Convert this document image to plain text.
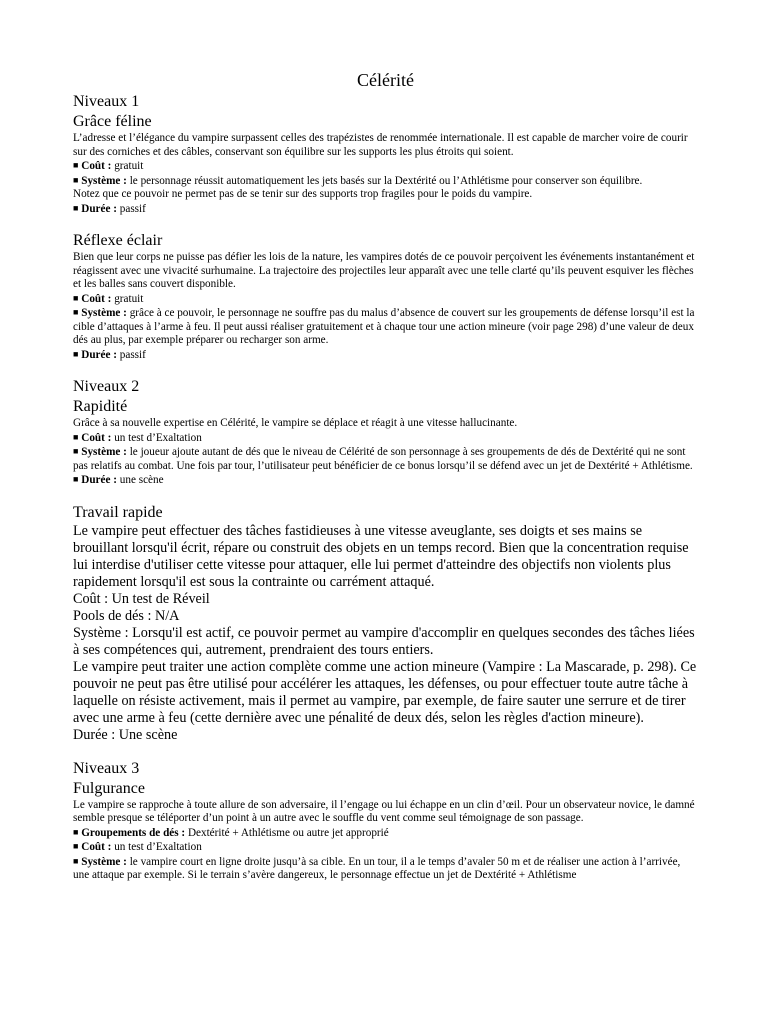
Célérité
Niveaux 1
Grâce féline

L’adresse et l’élégance du vampire surpassent celles des trapézistes de renommée internationale. Il est capable de marcher voire de courir sur des corniches et des câbles, conservant son équilibre sur les supports les plus étroits qui soient.

■ Coût : gratuit

■ Système : le personnage réussit automatiquement les jets basés sur la Dextérité ou l’Athlétisme pour conserver son équilibre.

Notez que ce pouvoir ne permet pas de se tenir sur des supports trop fragiles pour le poids du vampire.

■ Durée : passif

Réflexe éclair

Bien que leur corps ne puisse pas défier les lois de la nature, les vampires dotés de ce pouvoir perçoivent les événements instantanément et réagissent avec une vivacité surhumaine. La trajectoire des projectiles leur apparaît avec une telle clarté qu’ils peuvent esquiver les flèches et les balles sans couvert disponible.

■ Coût : gratuit

■ Système : grâce à ce pouvoir, le personnage ne souffre pas du malus d’absence de couvert sur les groupements de défense lorsqu’il est la cible d’attaques à l’arme à feu. Il peut aussi réaliser gratuitement et à chaque tour une action mineure (voir page 298) d’une valeur de deux dés au plus, par exemple préparer ou recharger son arme.

■ Durée : passif

Niveaux 2
Rapidité

Grâce à sa nouvelle expertise en Célérité, le vampire se déplace et réagit à une vitesse hallucinante.

■ Coût : un test d’Exaltation

■ Système : le joueur ajoute autant de dés que le niveau de Célérité de son personnage à ses groupements de dés de Dextérité qui ne sont pas relatifs au combat. Une fois par tour, l’utilisateur peut bénéficier de ce bonus lorsqu’il se défend avec un jet de Dextérité + Athlétisme.

■ Durée : une scène

Travail rapide

Le vampire peut effectuer des tâches fastidieuses à une vitesse aveuglante, ses doigts et ses mains se brouillant lorsqu'il écrit, répare ou construit des objets en un temps record. Bien que la concentration requise lui interdise d'utiliser cette vitesse pour attaquer, elle lui permet d'atteindre des objectifs non violents plus rapidement lorsqu'il est sous la contrainte ou carrément attaqué.

Coût : Un test de Réveil

Pools de dés : N/A

Système : Lorsqu'il est actif, ce pouvoir permet au vampire d'accomplir en quelques secondes des tâches liées à ses compétences qui, autrement, prendraient des tours entiers.

Le vampire peut traiter une action complète comme une action mineure (Vampire : La Mascarade, p. 298). Ce pouvoir ne peut pas être utilisé pour accélérer les attaques, les défenses, ou pour effectuer toute autre tâche à laquelle on résiste activement, mais il permet au vampire, par exemple, de faire sauter une serrure et de tirer avec une arme à feu (cette dernière avec une pénalité de deux dés, selon les règles d'action mineure).

Durée : Une scène

Niveaux 3
Fulgurance

Le vampire se rapproche à toute allure de son adversaire, il l’engage ou lui échappe en un clin d’œil. Pour un observateur novice, le damné semble presque se téléporter d’un point à un autre avec le souffle du vent comme seul témoignage de son passage.

■ Groupements de dés : Dextérité + Athlétisme ou autre jet approprié

■ Coût : un test d’Exaltation

■ Système : le vampire court en ligne droite jusqu’à sa cible. En un tour, il a le temps d’avaler 50 m et de réaliser une action à l’arrivée, une attaque par exemple. Si le terrain s’avère dangereux, le personnage effectue un jet de Dextérité + Athlétisme
